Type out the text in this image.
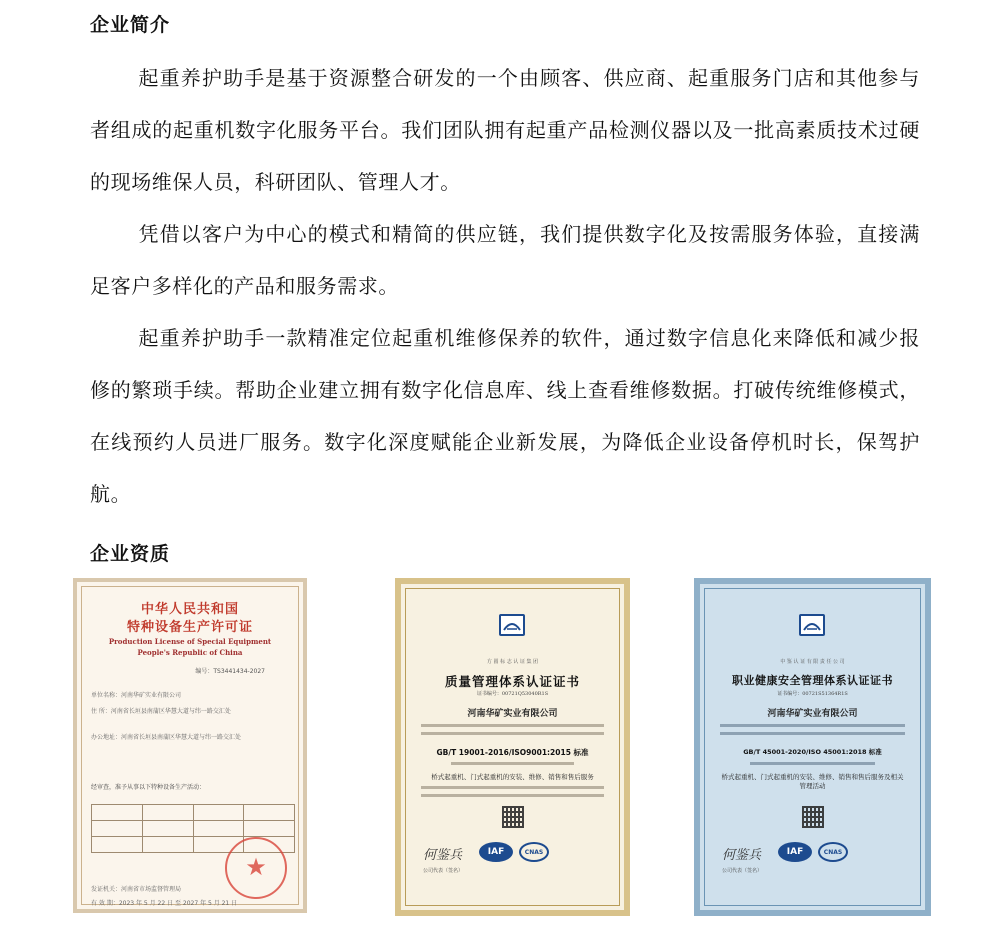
企业简介
起重养护助手是基于资源整合研发的一个由顾客、供应商、起重服务门店和其他参与者组成的起重机数字化服务平台。我们团队拥有起重产品检测仪器以及一批高素质技术过硬的现场维保人员，科研团队、管理人才。
凭借以客户为中心的模式和精简的供应链，我们提供数字化及按需服务体验，直接满足客户多样化的产品和服务需求。
起重养护助手一款精准定位起重机维修保养的软件，通过数字信息化来降低和减少报修的繁琐手续。帮助企业建立拥有数字化信息库、线上查看维修数据。打破传统维修模式，在线预约人员进厂服务。数字化深度赋能企业新发展，为降低企业设备停机时长，保驾护航。
企业资质
中华人民共和国
特种设备生产许可证
Production License of Special Equipment
People's Republic of China
编号：TS3441434-2027
单位名称：河南华矿实业有限公司
住 所：河南省长垣县南蒲区华慧大道与纬一路交汇处
办公地址：河南省长垣县南蒲区华慧大道与纬一路交汇处
经审查，准予从事以下特种设备生产活动：

★
发证机关：河南省市场监督管理局
有 效 期：2023 年 5 月 22 日 至 2027 年 5 月 21 日
方 圆 标 志 认 证 集 团
质量管理体系认证证书
证书编号：00721Q53040R1S
河南华矿实业有限公司
GB/T 19001-2016/ISO9001:2015 标准
桥式起重机、门式起重机的安装、维修、销售和售后服务
何鉴兵
公司代表（签名）
IAF	CNAS
中 鉴 认 证 有 限 责 任 公 司
职业健康安全管理体系认证证书
证书编号：00721S51364R1S
河南华矿实业有限公司
GB/T 45001-2020/ISO 45001:2018 标准
桥式起重机、门式起重机的安装、维修、销售和售后服务及相关管理活动
何鉴兵
公司代表（签名）
IAF	CNAS
